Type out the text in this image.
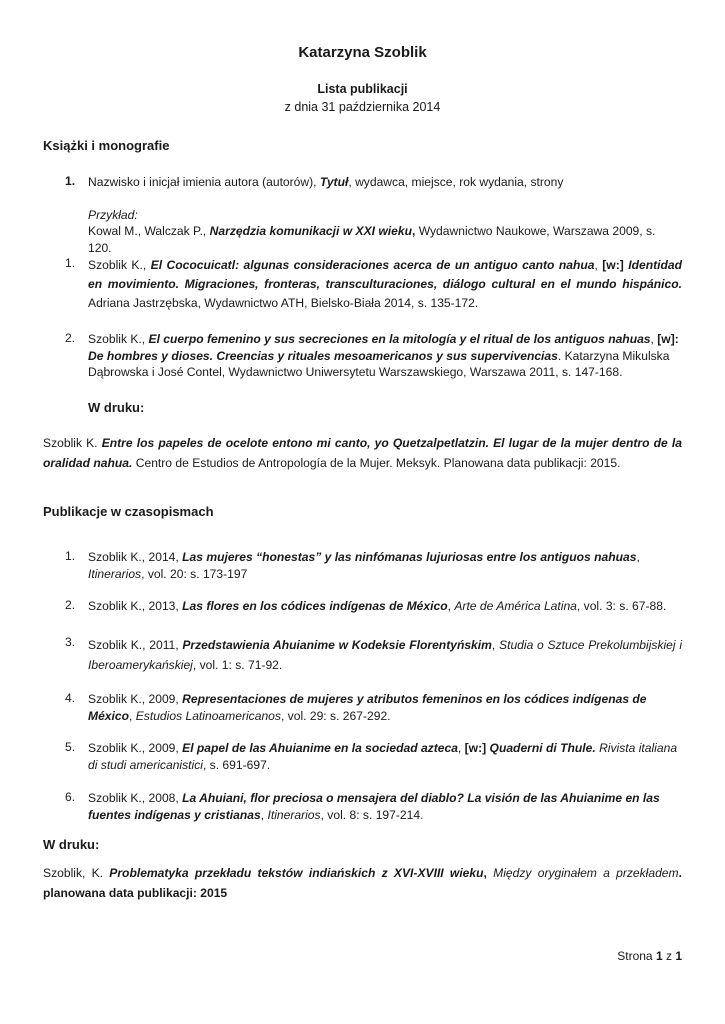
Katarzyna Szoblik
Lista publikacji
z dnia 31 października 2014
Książki i monografie
1. Nazwisko i inicjał imienia autora (autorów), Tytuł, wydawca, miejsce, rok wydania, strony
Przykład:
Kowal M., Walczak P., Narzędzia komunikacji w XXI wieku, Wydawnictwo Naukowe, Warszawa 2009, s. 120.
1. Szoblik K., El Cococuicatl: algunas consideraciones acerca de un antiguo canto nahua, [w:] Identidad en movimiento. Migraciones, fronteras, transculturaciones, diálogo cultural en el mundo hispánico. Adriana Jastrzębska, Wydawnictwo ATH, Bielsko-Biała 2014, s. 135-172.
2. Szoblik K., El cuerpo femenino y sus secreciones en la mitología y el ritual de los antiguos nahuas, [w]: De hombres y dioses. Creencias y rituales mesoamericanos y sus supervivencias. Katarzyna Mikulska Dąbrowska i José Contel, Wydawnictwo Uniwersytetu Warszawskiego, Warszawa 2011, s. 147-168.
W druku:
Szoblik K. Entre los papeles de ocelote entono mi canto, yo Quetzalpetlatzin. El lugar de la mujer dentro de la oralidad nahua. Centro de Estudios de Antropología de la Mujer. Meksyk. Planowana data publikacji: 2015.
Publikacje w czasopismach
1. Szoblik K., 2014, Las mujeres “honestas” y las ninfómanas lujuriosas entre los antiguos nahuas, Itinerarios, vol. 20: s. 173-197
2. Szoblik K., 2013, Las flores en los códices indígenas de México, Arte de América Latina, vol. 3: s. 67-88.
3. Szoblik K., 2011, Przedstawienia Ahuianime w Kodeksie Florentyńskim, Studia o Sztuce Prekolumbijskiej i Iberoamerykańskiej, vol. 1: s. 71-92.
4. Szoblik K., 2009, Representaciones de mujeres y atributos femeninos en los códices indígenas de México, Estudios Latinoamericanos, vol. 29: s. 267-292.
5. Szoblik K., 2009, El papel de las Ahuianime en la sociedad azteca, [w:] Quaderni di Thule. Rivista italiana di studi americanistici, s. 691-697.
6. Szoblik K., 2008, La Ahuiani, flor preciosa o mensajera del diablo? La visión de las Ahuianime en las fuentes indígenas y cristianas, Itinerarios, vol. 8: s. 197-214.
W druku:
Szoblik, K. Problematyka przekładu tekstów indiańskich z XVI-XVIII wieku, Między oryginałem a przekładem. planowana data publikacji: 2015
Strona 1 z 1
